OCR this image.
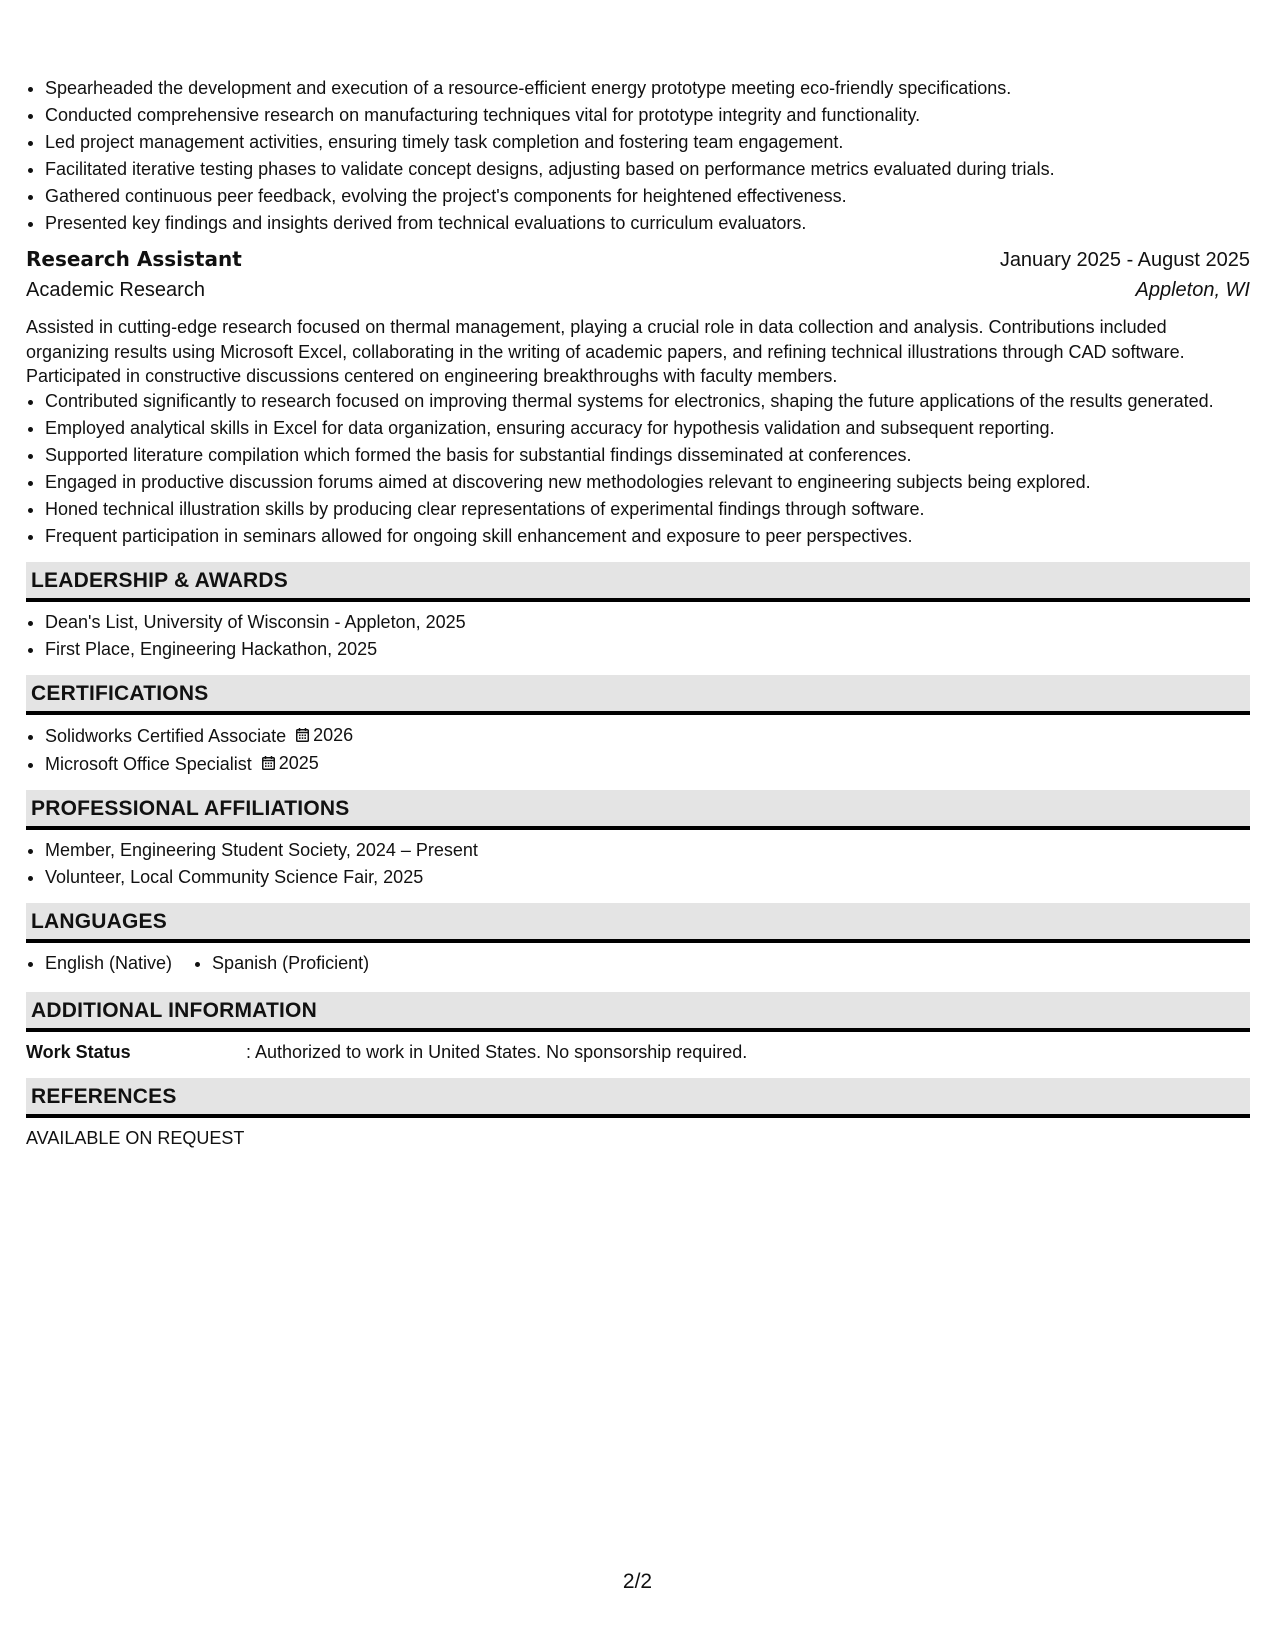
• Spearheaded the development and execution of a resource-efficient energy prototype meeting eco-friendly specifications.
• Conducted comprehensive research on manufacturing techniques vital for prototype integrity and functionality.
• Led project management activities, ensuring timely task completion and fostering team engagement.
• Facilitated iterative testing phases to validate concept designs, adjusting based on performance metrics evaluated during trials.
• Gathered continuous peer feedback, evolving the project's components for heightened effectiveness.
• Presented key findings and insights derived from technical evaluations to curriculum evaluators.
Research Assistant	January 2025 - August 2025
Academic Research	Appleton, WI
Assisted in cutting-edge research focused on thermal management, playing a crucial role in data collection and analysis. Contributions included organizing results using Microsoft Excel, collaborating in the writing of academic papers, and refining technical illustrations through CAD software. Participated in constructive discussions centered on engineering breakthroughs with faculty members.
• Contributed significantly to research focused on improving thermal systems for electronics, shaping the future applications of the results generated.
• Employed analytical skills in Excel for data organization, ensuring accuracy for hypothesis validation and subsequent reporting.
• Supported literature compilation which formed the basis for substantial findings disseminated at conferences.
• Engaged in productive discussion forums aimed at discovering new methodologies relevant to engineering subjects being explored.
• Honed technical illustration skills by producing clear representations of experimental findings through software.
• Frequent participation in seminars allowed for ongoing skill enhancement and exposure to peer perspectives.
LEADERSHIP & AWARDS
• Dean's List, University of Wisconsin - Appleton, 2025
• First Place, Engineering Hackathon, 2025
CERTIFICATIONS
• Solidworks Certified Associate 2026
• Microsoft Office Specialist 2025
PROFESSIONAL AFFILIATIONS
• Member, Engineering Student Society, 2024 – Present
• Volunteer, Local Community Science Fair, 2025
LANGUAGES
• English (Native)
• Spanish (Proficient)
ADDITIONAL INFORMATION
Work Status	: Authorized to work in United States. No sponsorship required.
REFERENCES
AVAILABLE ON REQUEST
2/2
